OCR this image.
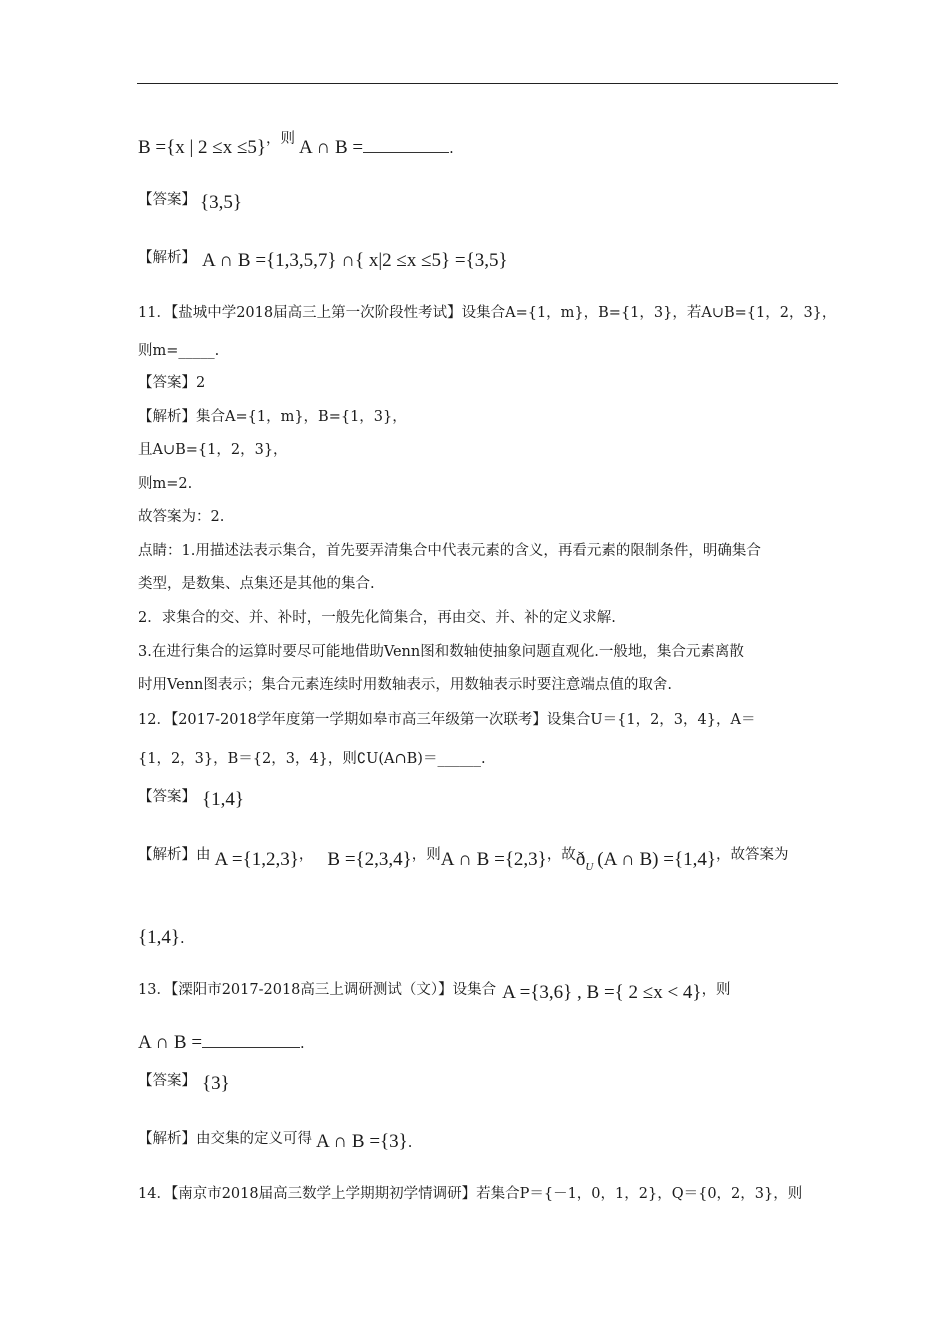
B ={x | 2 ≤x ≤5}，则 A ∩ B =	.
【答案】 {3,5}
【解析】 A ∩ B ={1,3,5,7} ∩{ x|2 ≤x ≤5} ={3,5}
11．【盐城中学2018届高三上第一次阶段性考试】设集合A={1，m}，B={1，3}，若A∪B={1，2，3}，
则m=_____.
【答案】2
【解析】集合A={1，m}，B={1，3}，
且A∪B={1，2，3}，
则m=2.
故答案为：2.
点睛：1.用描述法表示集合，首先要弄清集合中代表元素的含义，再看元素的限制条件，明确集合
类型，是数集、点集还是其他的集合.
2．求集合的交、并、补时，一般先化简集合，再由交、并、补的定义求解.
3.在进行集合的运算时要尽可能地借助Venn图和数轴使抽象问题直观化.一般地，集合元素离散
时用Venn图表示；集合元素连续时用数轴表示，用数轴表示时要注意端点值的取舍.
12．【2017-2018学年度第一学期如皋市高三年级第一次联考】设集合U＝{1，2，3，4}，A＝
{1，2，3}，B＝{2，3，4}，则∁U(A∩B)＝______.
【答案】 {1,4}
【解析】由 A ={1,2,3}， B ={2,3,4}，则A ∩ B ={2,3}，故$ð_U$ (A ∩ B) ={1,4}，故答案为
{1,4}.
13．【溧阳市2017-2018高三上调研测试（文）】设集合 A ={3,6} , B ={ 2 ≤x < 4}，则
A ∩ B =	.
【答案】 {3}
【解析】由交集的定义可得 A ∩ B ={3}.
14．【南京市2018届高三数学上学期期初学情调研】若集合P＝{－1，0，1，2}，Q＝{0，2，3}，则
